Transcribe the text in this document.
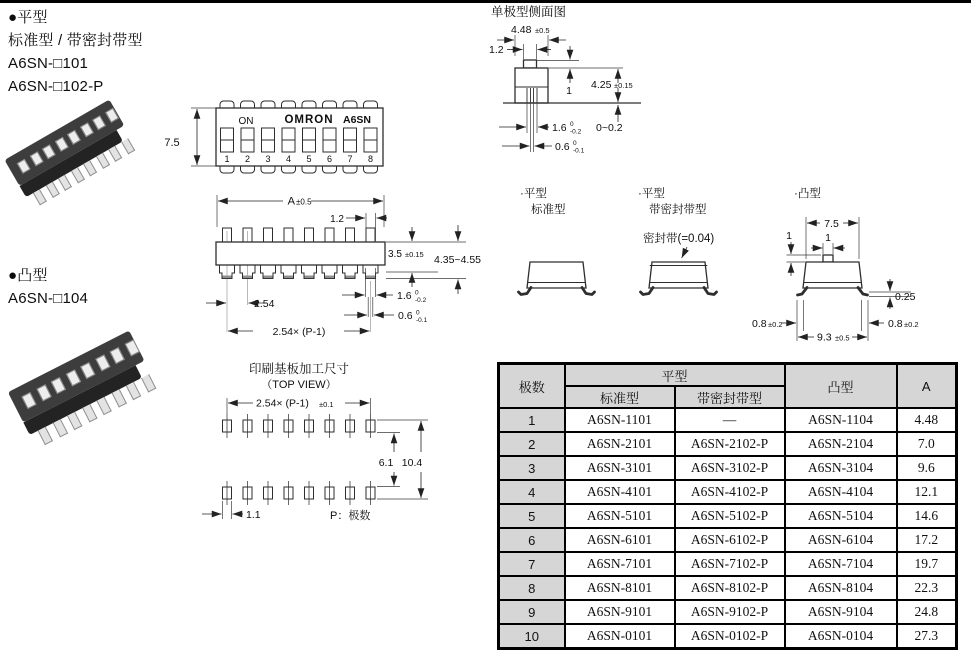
●平型
标准型 / 带密封带型
A6SN-□101
A6SN-□102-P
●凸型
A6SN-□104
ON	OMRON A6SN
1 2 3 4 5 6 7 8
7.5
A ±0.5
1.2
2.54
2.54× (P-1)
1.6 0
-0.2
0.6 0
-0.1
3.5 ±0.15 4.35~4.55
印刷基板加工尺寸
（TOP VIEW）
2.54× (P-1) ±0.1
6.1 10.4
1.1	P：极数
单极型侧面图
4.48 ±0.5
1.2
1 4.25 ±0.15
0~0.2
1.6 0
-0.2
0.6 0
-0.1
·平型
标准型
·平型
带密封带型
密封带(=0.04)
·凸型
7.5
1	1
0.25
0.8 ±0.2	0.8 ±0.2
9.3 ±0.5
极数	平型		凸型	A
	标准型	带密封带型		
1	A6SN-1101	—	A6SN-1104	4.48
2	A6SN-2101	A6SN-2102-P	A6SN-2104	7.0
3	A6SN-3101	A6SN-3102-P	A6SN-3104	9.6
4	A6SN-4101	A6SN-4102-P	A6SN-4104	12.1
5	A6SN-5101	A6SN-5102-P	A6SN-5104	14.6
6	A6SN-6101	A6SN-6102-P	A6SN-6104	17.2
7	A6SN-7101	A6SN-7102-P	A6SN-7104	19.7
8	A6SN-8101	A6SN-8102-P	A6SN-8104	22.3
9	A6SN-9101	A6SN-9102-P	A6SN-9104	24.8
10	A6SN-0101	A6SN-0102-P	A6SN-0104	27.3
